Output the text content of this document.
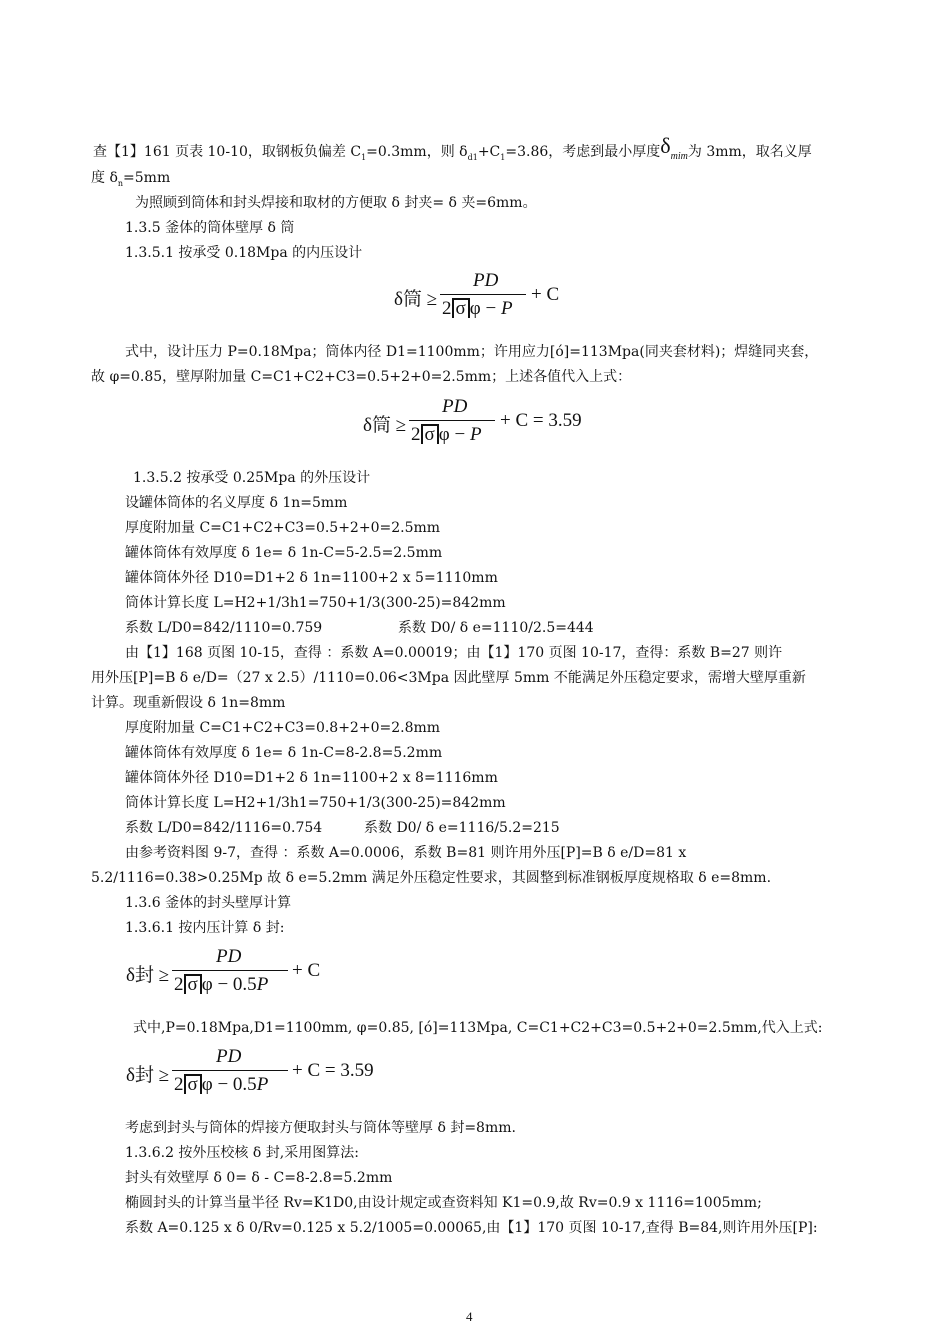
查【1】161 页表 10-10，取钢板负偏差 $C_1=0.3mm$，则 $\delta_{d1}+C_1=3.86$，考虑到最小厚度$\delta_{mim}$为 3mm，取名义厚
度 $\delta_n=5mm$
为照顾到筒体和封头焊接和取材的方便取 δ 封夹= δ 夹=6mm。
1.3.5 釜体的筒体壁厚 δ 筒
1.3.5.1 按承受 0.18Mpa 的内压设计
δ筒 ≥
PD
2 σ φ − P
+ C
式中，设计压力 P=0.18Mpa；筒体内径 D1=1100mm；许用应力[ó]=113Mpa(同夹套材料)；焊缝同夹套，
故 φ=0.85，壁厚附加量 C=C1+C2+C3=0.5+2+0=2.5mm；上述各值代入上式：
δ筒 ≥
PD
2 σ φ − P
+ C = 3.59
1.3.5.2 按承受 0.25Mpa 的外压设计
设罐体筒体的名义厚度 δ 1n=5mm
厚度附加量 C=C1+C2+C3=0.5+2+0=2.5mm
罐体筒体有效厚度 δ 1e= δ 1n-C=5-2.5=2.5mm
罐体筒体外径 D10=D1+2 δ 1n=1100+2 x 5=1110mm
筒体计算长度 L=H2+1/3h1=750+1/3(300-25)=842mm
系数 L/D0=842/1110=0.759	系数 D0/ δ e=1110/2.5=444
由【1】168 页图 10-15，查得 ：系数 A=0.00019；由【1】170 页图 10-17，查得：系数 B=27 则许
用外压[P]=B δ e/D=（27 x 2.5）/1110=0.06<3Mpa 因此壁厚 5mm 不能满足外压稳定要求，需增大壁厚重新
计算。现重新假设 δ 1n=8mm
厚度附加量 C=C1+C2+C3=0.8+2+0=2.8mm
罐体筒体有效厚度 δ 1e= δ 1n-C=8-2.8=5.2mm
罐体筒体外径 D10=D1+2 δ 1n=1100+2 x 8=1116mm
筒体计算长度 L=H2+1/3h1=750+1/3(300-25)=842mm
系数 L/D0=842/1116=0.754	系数 D0/ δ e=1116/5.2=215
由参考资料图 9-7，查得 ：系数 A=0.0006，系数 B=81 则许用外压[P]=B δ e/D=81 x
5.2/1116=0.38>0.25Mp 故 δ e=5.2mm 满足外压稳定性要求，其圆整到标准钢板厚度规格取 δ e=8mm.
1.3.6 釜体的封头壁厚计算
1.3.6.1 按内压计算 δ 封:
δ封 ≥
PD
2 σ φ − 0.5P
+ C
式中,P=0.18Mpa,D1=1100mm, φ=0.85, [ó]=113Mpa, C=C1+C2+C3=0.5+2+0=2.5mm,代入上式:
δ封 ≥
PD
2 σ φ − 0.5P
+ C = 3.59
考虑到封头与筒体的焊接方便取封头与筒体等壁厚 δ 封=8mm.
1.3.6.2 按外压校核 δ 封,采用图算法:
封头有效壁厚 δ 0= δ - C=8-2.8=5.2mm
椭圆封头的计算当量半径 Rv=K1D0,由设计规定或查资料知 K1=0.9,故 Rv=0.9 x 1116=1005mm;
系数 A=0.125 x δ 0/Rv=0.125 x 5.2/1005=0.00065,由【1】170 页图 10-17,查得 B=84,则许用外压[P]:
4
